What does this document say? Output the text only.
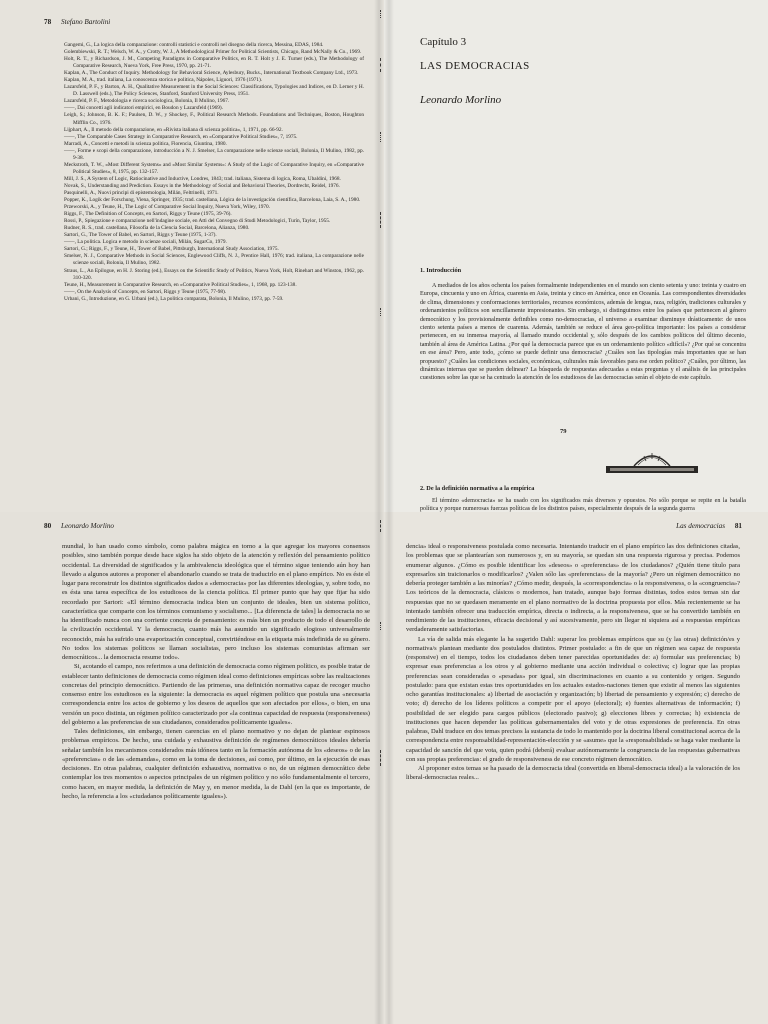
78 Stefano Bartolini

Gangemi, G., La logica della comparazione: controlli statistici e controlli nel disegno della ricerca, Messina, EDAS, 1984.

Golembiewski, R. T.; Welsch, W. A., y Crotty, W. J., A Methodological Primer for Political Scientists, Chicago, Rand McNally & Co., 1969.

Holt, R. T., y Richardson, J. M., Competing Paradigms in Comparative Politics, en R. T. Holt y J. E. Turner (eds.), The Methodology of Comparative Research, Nueva York, Free Press, 1970, pp. 21-71.

Kaplan, A., The Conduct of Inquiry. Methodology for Behavioral Science, Aylesbury, Bucks., International Textbook Company Ltd., 1973.

Kaplan, M. A., trad. italiana, La conoscenza storica e politica, Nápoles, Liguori, 1976 (1971).

Lazarsfeld, P. F., y Barton, A. H., Qualitative Measurement in the Social Sciences: Classifications, Typologies and Indices, en D. Lerner y H. D. Lasswell (eds.), The Policy Sciences, Stanford, Stanford University Press, 1951.

Lazarsfeld, P. F., Metodologia e ricerca sociologica, Bolonia, Il Mulino, 1967.

——, Dai concetti agli indicatori empirici, en Boudon y Lazarsfeld (1969).

Leigh, S.; Johnson, B. K. F.; Paulsen, D. W., y Shockey, F., Political Research Methods. Foundations and Techniques, Boston, Houghton Mifflin Co., 1976.

Lijphart, A., Il metodo della comparazione, en «Rivista italiana di scienza politica», 1, 1971, pp. 66-92.

——, The Comparable Cases Strategy in Comparative Research, en «Comparative Political Studies», 7, 1975.

Marradi, A., Concetti e metodi in scienza politica, Florencia, Giuntina, 1980.

——, Forme e scopi della comparazione, introducción a N. J. Smelser, La comparazione nelle scienze sociali, Bolonia, Il Mulino, 1982, pp. 9-38.

Meckstroth, T. W., «Most Different Systems» and «Most Similar Systems»: A Study of the Logic of Comparative Inquiry, en «Comparative Political Studies», 8, 1975, pp. 132-157.

Mill, J. S., A System of Logic, Ratiocinative and Inductive, Londres, 1843; trad. italiana, Sistema di logica, Roma, Ubaldini, 1968.

Novak, S., Understanding and Prediction. Essays in the Methodology of Social and Behavioral Theories, Dordrecht, Reidel, 1976.

Pasquinelli, A., Nuovi principi di epistemologia, Milán, Feltrinelli, 1971.

Popper, K., Logik der Forschung, Viena, Springer, 1935; trad. castellana, Lógica de la investigación científica, Barcelona, Laia, S. A., 1980.

Przeworski, A., y Teune, H., The Logic of Comparative Social Inquiry, Nueva York, Wiley, 1970.

Riggs, F., The Definition of Concepts, en Sartori, Riggs y Teune (1975, 39-76).

Rossi, P., Spiegazione e comparazione nell'indagine sociale, en Atti del Convegno di Studi Metodologici, Turín, Taylor, 1955.

Rudner, R. S., trad. castellana, Filosofía de la Ciencia Social, Barcelona, Alianza, 1980.

Sartori, G., The Tower of Babel, en Sartori, Riggs y Teune (1975, 1-37).

——, La politica. Logica e metodo in scienze sociali, Milán, SugarCo, 1979.

Sartori, G.; Riggs, F., y Teune, H., Tower of Babel, Pittsburgh, International Study Association, 1975.

Smelser, N. J., Comparative Methods in Social Sciences, Englewood Cliffs, N. J., Prentice Hall, 1976; trad. italiana, La comparazione nelle scienze sociali, Bolonia, Il Mulino, 1982.

Straus, L., An Epilogue, en H. J. Storing (ed.), Essays on the Scientific Study of Politics, Nueva York, Holt, Rinehart and Winston, 1962, pp. 310-320.

Teune, H., Measurement in Comparative Research, en «Comparative Political Studies», 1, 1968, pp. 123-138.

——, On the Analysis of Concepts, en Sartori, Riggs y Teune (1975, 77-98).

Urbani, G., Introduzione, en G. Urbani (ed.), La politica comparata, Bolonia, Il Mulino, 1973, pp. 7-59.

Capítulo 3
LAS DEMOCRACIAS
Leonardo Morlino
1. Introducción

A mediados de los años ochenta los países formalmente independientes en el mundo son ciento setenta y uno: treinta y cuatro en Europa, cincuenta y uno en África, cuarenta en Asia, treinta y cinco en América, once en Oceanía. Las correspondientes diversidades de clima, dimensiones y conformaciones territoriales, recursos económicos, además de lengua, raza, religión, tradiciones culturales y ordenamientos políticos son sencillamente impresionantes. Sin embargo, si distinguimos entre los países que pertenecen al género democrático y los provisionalmente definibles como no-democracias, el universo a examinar disminuye drásticamente: de unos ciento setenta países a menos de cuarenta. Además, también se reduce el área geo-política importante: los países a considerar pertenecen, en su inmensa mayoría, al llamado mundo occidental y, sólo después de los cambios políticos del último decenio, también al área de América Latina. ¿Por qué la democracia parece que es un ordenamiento político «difícil»? ¿Por qué se concentra en ese área? Pero, ante todo, ¿cómo se puede definir una democracia? ¿Cuáles son las tipologías más importantes que se han propuesto? ¿Cuáles las condiciones sociales, económicas, culturales más favorables para ese orden político? ¿Cuáles, por último, las dinámicas internas que se pueden delinear? La búsqueda de respuestas adecuadas a estas preguntas y el análisis de las principales cuestiones sobre las que se ha centrado la atención de los estudiosos de las democracias serán el objeto de este capítulo.

2. De la definición normativa a la empírica

El término «democracia» se ha usado con los significados más diversos y opuestos. No sólo porque se repite en la batalla política y porque numerosas fuerzas políticas de los distintos países, especialmente después de la segunda guerra

80 Leonardo Morlino

mundial, lo han usado como símbolo, como palabra mágica en torno a la que agregar los mayores consensos posibles, sino también porque desde hace siglos ha sido objeto de la atención y reflexión del pensamiento político occidental. La diversidad de significados y la ambivalencia ideológica que el término sigue teniendo aún hoy han llevado a algunos autores a proponer el abandonarlo cuando se trata de traducirlo en el plano empírico. No es éste el lugar para reconstruir los distintos significados dados a «democracia» por las diferentes ideologías, y, sobre todo, no es ésta una tarea específica de los estudiosos de la ciencia política. El primer punto que hay que fijar ha sido recordado por Sartori: «El término democracia indica bien un conjunto de ideales, bien un sistema político, característica que comparte con los términos comunismo y socialismo... [La diferencia de tales] la democracia no se ha identificado nunca con una corriente concreta de pensamiento: es más bien un producto de todo el desarrollo de la civilización occidental. Y la democracia, cuanto más ha asumido un significado elogioso universalmente reconocido, más ha sufrido una evaporización conceptual, convirtiéndose en la etiqueta más indefinida de su género. No todos los sistemas políticos se llaman socialistas, pero incluso los sistemas comunistas afirman ser democráticos... la democracia resume todo».

Si, acotando el campo, nos referimos a una definición de democracia como régimen político, es posible tratar de establecer tanto definiciones de democracia como régimen ideal como definiciones empíricas sobre las realizaciones concretas del principio democrático. Partiendo de las primeras, una definición normativa capaz de recoger mucho consenso entre los estudiosos es la siguiente: la democracia es aquel régimen político que postula una «necesaria correspondencia entre los actos de gobierno y los deseos de aquellos que son afectados por ellos», o bien, en una versión un poco distinta, un régimen político caracterizado por «la continua capacidad de respuesta (responsiveness) del gobierno a las preferencias de sus ciudadanos, considerados políticamente iguales».

Tales definiciones, sin embargo, tienen carencias en el plano normativo y no dejan de plantear espinosos problemas empíricos. De hecho, una cuidada y exhaustiva definición de regímenes democráticos ideales debería señalar también los mecanismos considerados más idóneos tanto en la formación autónoma de los «deseos» o de las «preferencias» o de las «demandas», como en la toma de decisiones, así como, por último, en la ejecución de esas decisiones. En otras palabras, cualquier definición exhaustiva, normativa o no, de un régimen democrático debe contemplar los tres momentos o aspectos principales de un régimen político y no sólo fundamentalmente el tercero, como hacen, en mayor medida, la definición de May y, en menor medida, la de Dahl (en la que es importante, de hecho, la referencia a los «ciudadanos políticamente iguales»).

Las democracias 81

dencia» ideal o responsiveness postulada como necesaria. Intentando traducir en el plano empírico las dos definiciones citadas, los problemas que se plantearían son numerosos y, en su mayoría, se quedan sin una respuesta rigurosa y precisa. Podemos enumerar algunos. ¿Cómo es posible identificar los «deseos» o «preferencias» de los ciudadanos? ¿Quién tiene título para expresarlos sin traicionarlos o modificarlos? ¿Valen sólo las «preferencias» de la mayoría? ¿Pero un régimen democrático no debería proteger también a las minorías? ¿Cómo medir, después, la «correspondencia» o la responsiveness, o la «congruencia»? Los teóricos de la democracia, clásicos o modernos, han tratado, aunque bajo formas distintas, todos estos temas sin dar respuestas que no se quedasen meramente en el plano normativo de la doctrina propuesta por ellos. Más recientemente se ha intentado también ofrecer una traducción empírica, directa o indirecta, a la responsiveness, que se ha convertido también en rendimiento de las instituciones, eficacia decisional y así sucesivamente, pero sin llegar ni siquiera así a respuestas empíricas verdaderamente satisfactorias.

La vía de salida más elegante la ha sugerido Dahl: superar los problemas empíricos que su (y las otras) definición/es y normativa/s plantean mediante dos postulados distintos. Primer postulado: a fin de que un régimen sea capaz de respuesta (responsive) en el tiempo, todos los ciudadanos deben tener parecidas oportunidades de: a) formular sus preferencias; b) expresar esas preferencias a los otros y al gobierno mediante una acción individual o colectiva; c) lograr que las propias preferencias sean consideradas o «pesadas» por igual, sin discriminaciones en cuanto a su contenido y origen. Segundo postulado: para que existan estas tres oportunidades en los actuales estados-naciones tienen que existir al menos las siguientes ocho garantías institucionales: a) libertad de asociación y organización; b) libertad de pensamiento y expresión; c) derecho de voto; d) derecho de los líderes políticos a competir por el apoyo (electoral); e) fuentes alternativas de información; f) posibilidad de ser elegido para cargos públicos (electorado pasivo); g) elecciones libres y correctas; h) existencia de instituciones que hacen depender las políticas gubernamentales del voto y de otras expresiones de preferencia. En otras palabras, Dahl traduce en dos temas precisos la sustancia de todo lo mantenido por la doctrina liberal constitucional acerca de la correspondencia entre responsabilidad-representación-elección y se «asume» que la «responsabilidad» se haga valer mediante la capacidad de sanción del que vota, quien podrá (deberá) evaluar autónomamente la congruencia de las respuestas gubernativas con sus propias preferencias: el grado de responsiveness de ese concreto régimen democrático.

Al proponer estos temas se ha pasado de la democracia ideal (convertida en liberal-democracia ideal) a la valoración de los liberal-democracias reales...

79
